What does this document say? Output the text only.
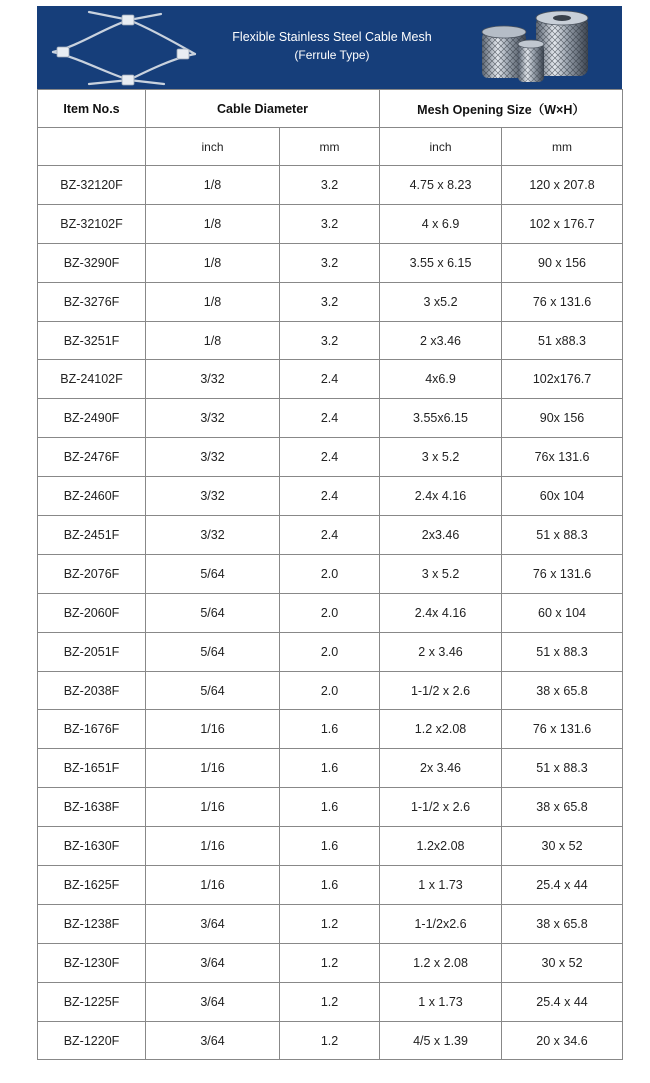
Flexible Stainless Steel Cable Mesh
(Ferrule Type)
Item No.s	Cable Diameter		Mesh Opening Size（W×H）	
	inch	mm	inch	mm
BZ-32120F	1/8	3.2	4.75 x 8.23	120 x 207.8
BZ-32102F	1/8	3.2	4 x 6.9	102 x 176.7
BZ-3290F	1/8	3.2	3.55 x 6.15	90 x 156
BZ-3276F	1/8	3.2	3 x5.2	76 x 131.6
BZ-3251F	1/8	3.2	2 x3.46	51 x88.3
BZ-24102F	3/32	2.4	4x6.9	102x176.7
BZ-2490F	3/32	2.4	3.55x6.15	90x 156
BZ-2476F	3/32	2.4	3 x 5.2	76x 131.6
BZ-2460F	3/32	2.4	2.4x 4.16	60x 104
BZ-2451F	3/32	2.4	2x3.46	51 x 88.3
BZ-2076F	5/64	2.0	3 x 5.2	76 x 131.6
BZ-2060F	5/64	2.0	2.4x 4.16	60 x 104
BZ-2051F	5/64	2.0	2 x 3.46	51 x 88.3
BZ-2038F	5/64	2.0	1-1/2 x 2.6	38 x 65.8
BZ-1676F	1/16	1.6	1.2 x2.08	76 x 131.6
BZ-1651F	1/16	1.6	2x 3.46	51 x 88.3
BZ-1638F	1/16	1.6	1-1/2 x 2.6	38 x 65.8
BZ-1630F	1/16	1.6	1.2x2.08	30 x 52
BZ-1625F	1/16	1.6	1 x 1.73	25.4 x 44
BZ-1238F	3/64	1.2	1-1/2x2.6	38 x 65.8
BZ-1230F	3/64	1.2	1.2 x 2.08	30 x 52
BZ-1225F	3/64	1.2	1 x 1.73	25.4 x 44
BZ-1220F	3/64	1.2	4/5 x 1.39	20 x 34.6
